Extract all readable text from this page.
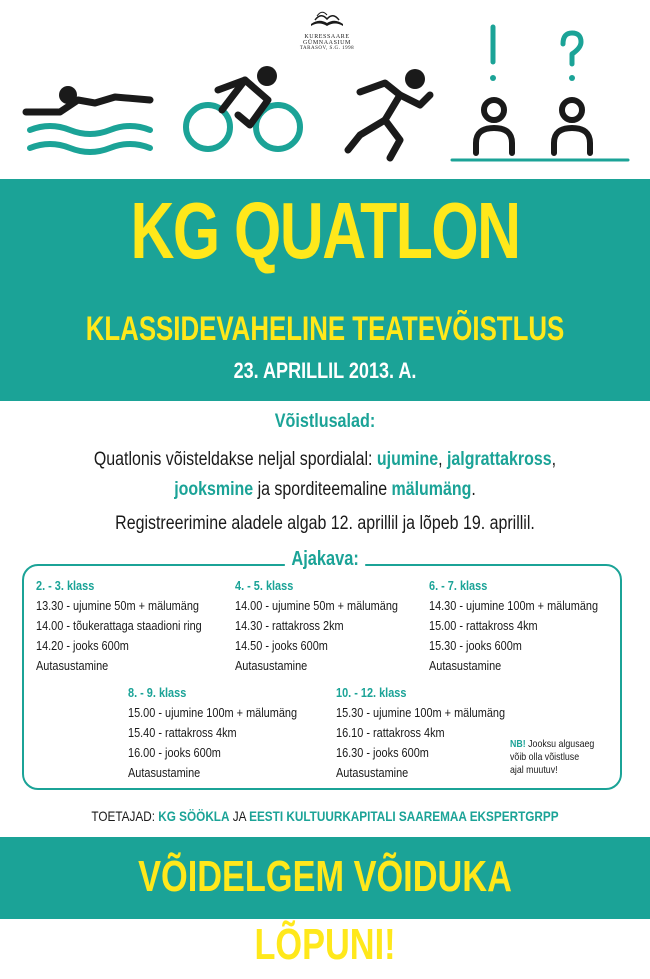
KURESSAARE GÜMNAASIUM
TARASOV, S.G. 1998
KG QUATLON
KLASSIDEVAHELINE TEATEVÕISTLUS
23. APRILLIL 2013. A.
Võistlusalad:
Quatlonis võisteldakse neljal spordialal: ujumine, jalgrattakross, jooksmine ja sporditeemaline mälumäng.
Registreerimine aladele algab 12. aprillil ja lõpeb 19. aprillil.
Ajakava:
2. - 3. klass
13.30 - ujumine 50m + mälumäng
14.00 - tõukerattaga staadioni ring
14.20 - jooks 600m
Autasustamine
4. - 5. klass
14.00 - ujumine 50m + mälumäng
14.30 - rattakross 2km
14.50 - jooks 600m
Autasustamine
6. - 7. klass
14.30 - ujumine 100m + mälumäng
15.00 - rattakross 4km
15.30 - jooks 600m
Autasustamine
8. - 9. klass
15.00 - ujumine 100m + mälumäng
15.40 - rattakross 4km
16.00 - jooks 600m
Autasustamine
10. - 12. klass
15.30 - ujumine 100m + mälumäng
16.10 - rattakross 4km
16.30 - jooks 600m
Autasustamine
NB! Jooksu algusaeg
võib olla võistluse
ajal muutuv!
TOETAJAD: KG SÖÖKLA JA EESTI KULTUURKAPITALI SAAREMAA EKSPERTGRPP
VÕIDELGEM VÕIDUKA LÕPUNI!
